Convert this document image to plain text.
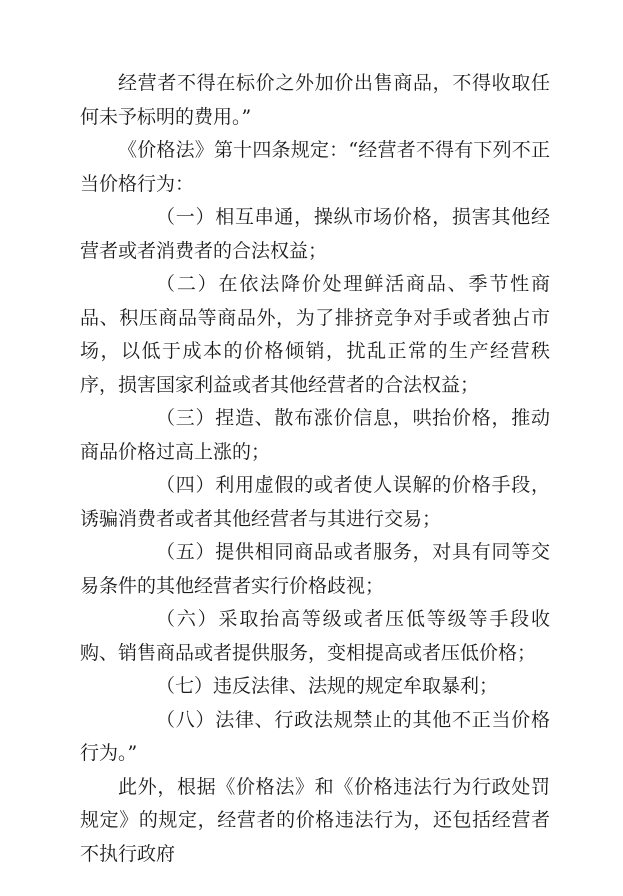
经营者不得在标价之外加价出售商品，不得收取任何未予标明的费用。”

《价格法》第十四条规定：“经营者不得有下列不正当价格行为：

（一）相互串通，操纵市场价格，损害其他经营者或者消费者的合法权益；

（二）在依法降价处理鲜活商品、季节性商品、积压商品等商品外，为了排挤竞争对手或者独占市场，以低于成本的价格倾销，扰乱正常的生产经营秩序，损害国家利益或者其他经营者的合法权益；

（三）捏造、散布涨价信息，哄抬价格，推动商品价格过高上涨的；

（四）利用虚假的或者使人误解的价格手段，诱骗消费者或者其他经营者与其进行交易；

（五）提供相同商品或者服务，对具有同等交易条件的其他经营者实行价格歧视；

（六）采取抬高等级或者压低等级等手段收购、销售商品或者提供服务，变相提高或者压低价格；

（七）违反法律、法规的规定牟取暴利；

（八）法律、行政法规禁止的其他不正当价格行为。”

此外，根据《价格法》和《价格违法行为行政处罚规定》的规定，经营者的价格违法行为，还包括经营者不执行政府
